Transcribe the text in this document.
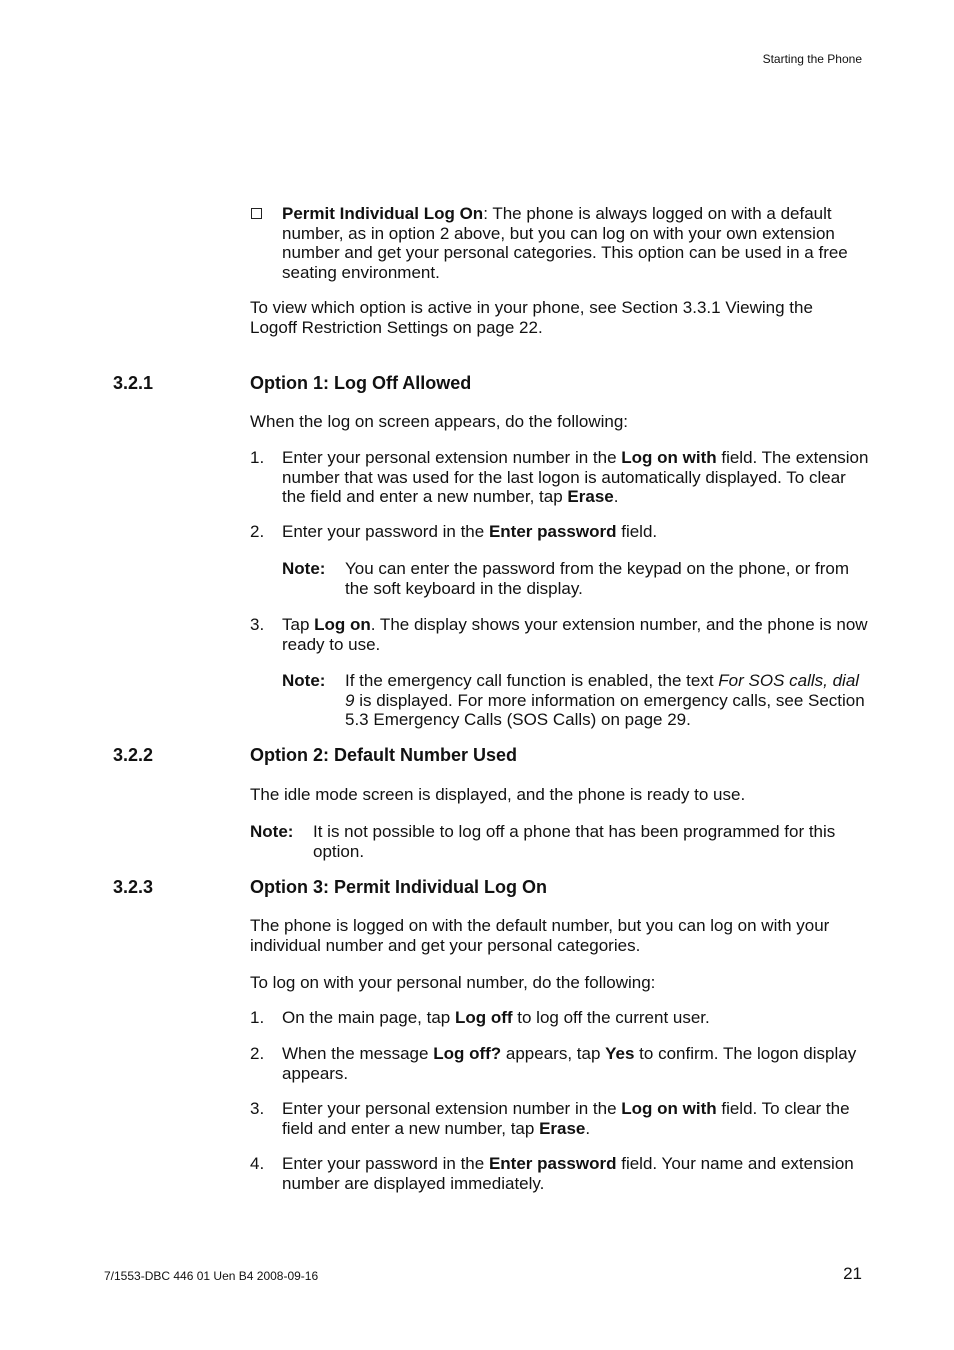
Starting the Phone
Permit Individual Log On: The phone is always logged on with a default number, as in option 2 above, but you can log on with your own extension number and get your personal categories. This option can be used in a free seating environment.
To view which option is active in your phone, see Section 3.3.1 Viewing the Logoff Restriction Settings on page 22.
3.2.1	Option 1: Log Off Allowed
When the log on screen appears, do the following:
1. Enter your personal extension number in the Log on with field. The extension number that was used for the last logon is automatically displayed. To clear the field and enter a new number, tap Erase.
2. Enter your password in the Enter password field.
Note: You can enter the password from the keypad on the phone, or from the soft keyboard in the display.
3. Tap Log on. The display shows your extension number, and the phone is now ready to use.
Note: If the emergency call function is enabled, the text For SOS calls, dial 9 is displayed. For more information on emergency calls, see Section 5.3 Emergency Calls (SOS Calls) on page 29.
3.2.2	Option 2: Default Number Used
The idle mode screen is displayed, and the phone is ready to use.
Note: It is not possible to log off a phone that has been programmed for this option.
3.2.3	Option 3: Permit Individual Log On
The phone is logged on with the default number, but you can log on with your individual number and get your personal categories.
To log on with your personal number, do the following:
1. On the main page, tap Log off to log off the current user.
2. When the message Log off? appears, tap Yes to confirm. The logon display appears.
3. Enter your personal extension number in the Log on with field. To clear the field and enter a new number, tap Erase.
4. Enter your password in the Enter password field. Your name and extension number are displayed immediately.
7/1553-DBC 446 01 Uen B4 2008-09-16	21
